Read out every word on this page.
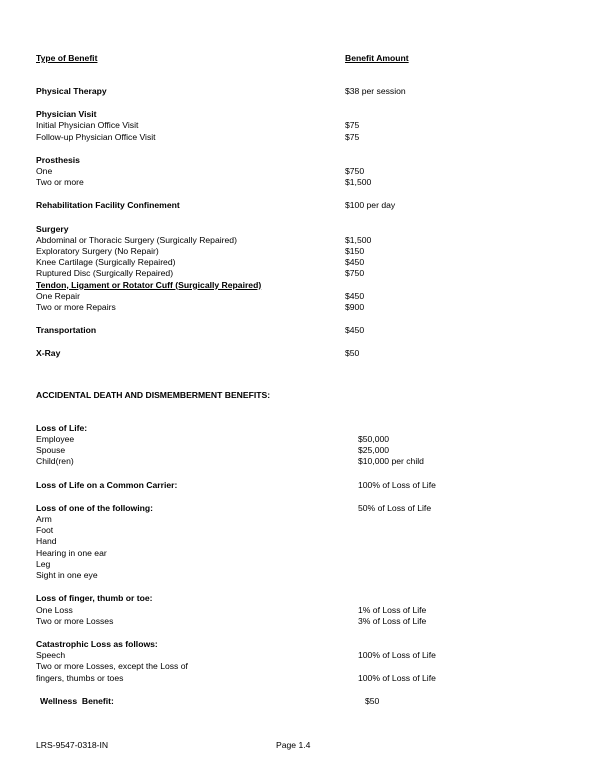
Type of Benefit	Benefit Amount
Physical Therapy	$38 per session
Physician Visit
Initial Physician Office Visit	$75
Follow-up Physician Office Visit	$75
Prosthesis
One	$750
Two or more	$1,500
Rehabilitation Facility Confinement	$100 per day
Surgery
Abdominal or Thoracic Surgery (Surgically Repaired)	$1,500
Exploratory Surgery (No Repair)	$150
Knee Cartilage (Surgically Repaired)	$450
Ruptured Disc (Surgically Repaired)	$750
Tendon, Ligament or Rotator Cuff (Surgically Repaired)
One Repair	$450
Two or more Repairs	$900
Transportation	$450
X-Ray	$50
ACCIDENTAL DEATH AND DISMEMBERMENT BENEFITS:
Loss of Life:
Employee	$50,000
Spouse	$25,000
Child(ren)	$10,000 per child
Loss of Life on a Common Carrier:	100% of Loss of Life
Loss of one of the following:	50% of Loss of Life
Arm
Foot
Hand
Hearing in one ear
Leg
Sight in one eye
Loss of finger, thumb or toe:
One Loss	1% of Loss of Life
Two or more Losses	3% of Loss of Life
Catastrophic Loss as follows:
Speech	100% of Loss of Life
Two or more Losses, except the Loss of
fingers, thumbs or toes	100% of Loss of Life
Wellness  Benefit:	$50
LRS-9547-0318-IN	Page 1.4
